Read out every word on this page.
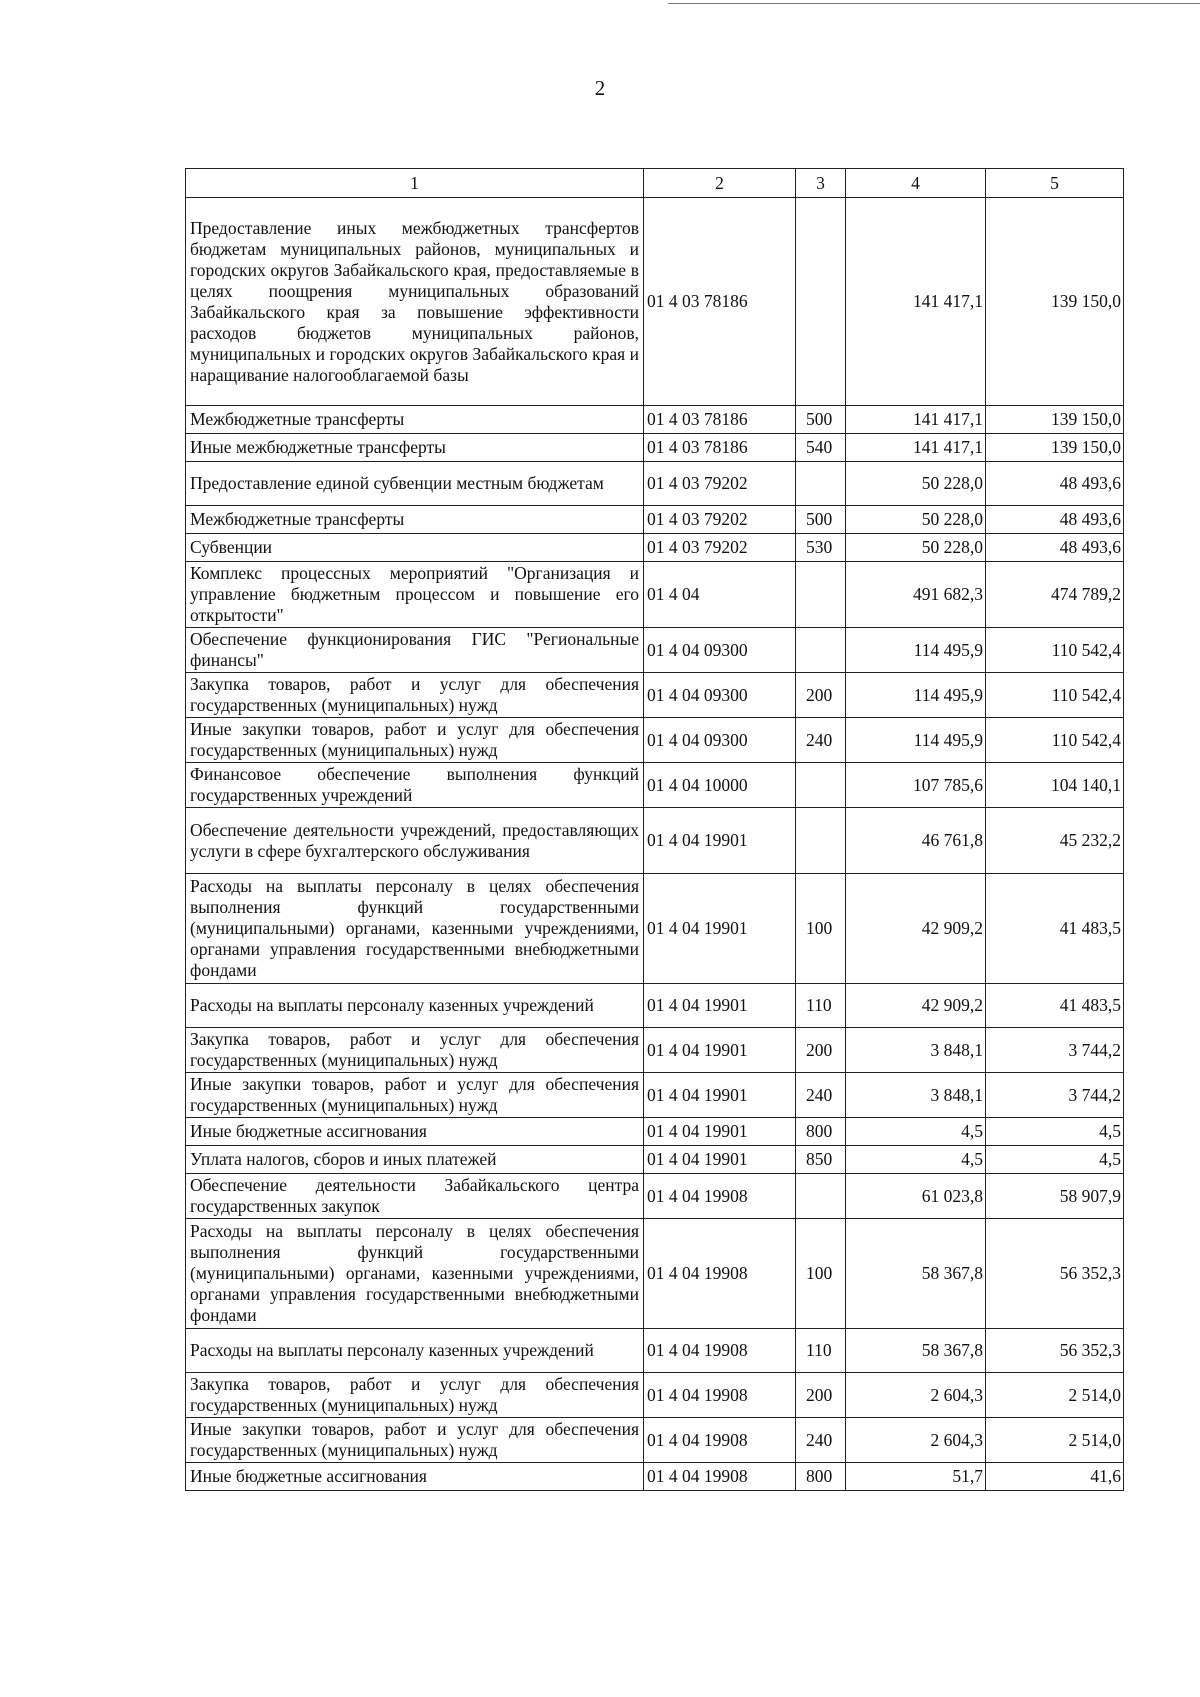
2
1	2	3	4	5
Предоставление иных межбюджетных трансфертов бюджетам муниципальных районов, муниципальных и городских округов Забайкальского края, предоставляемые в целях поощрения муниципальных образований Забайкальского края за повышение эффективности расходов бюджетов муниципальных районов, муниципальных и городских округов Забайкальского края и наращивание налогооблагаемой базы	01 4 03 78186		141 417,1	139 150,0
Межбюджетные трансферты	01 4 03 78186	500	141 417,1	139 150,0
Иные межбюджетные трансферты	01 4 03 78186	540	141 417,1	139 150,0
Предоставление единой субвенции местным бюджетам	01 4 03 79202		50 228,0	48 493,6
Межбюджетные трансферты	01 4 03 79202	500	50 228,0	48 493,6
Субвенции	01 4 03 79202	530	50 228,0	48 493,6
Комплекс процессных мероприятий "Организация и управление бюджетным процессом и повышение его открытости"	01 4 04		491 682,3	474 789,2
Обеспечение функционирования ГИС "Региональные финансы"	01 4 04 09300		114 495,9	110 542,4
Закупка товаров, работ и услуг для обеспечения государственных (муниципальных) нужд	01 4 04 09300	200	114 495,9	110 542,4
Иные закупки товаров, работ и услуг для обеспечения государственных (муниципальных) нужд	01 4 04 09300	240	114 495,9	110 542,4
Финансовое обеспечение выполнения функций государственных учреждений	01 4 04 10000		107 785,6	104 140,1
Обеспечение деятельности учреждений, предоставляющих услуги в сфере бухгалтерского обслуживания	01 4 04 19901		46 761,8	45 232,2
Расходы на выплаты персоналу в целях обеспечения выполнения функций государственными (муниципальными) органами, казенными учреждениями, органами управления государственными внебюджетными фондами	01 4 04 19901	100	42 909,2	41 483,5
Расходы на выплаты персоналу казенных учреждений	01 4 04 19901	110	42 909,2	41 483,5
Закупка товаров, работ и услуг для обеспечения государственных (муниципальных) нужд	01 4 04 19901	200	3 848,1	3 744,2
Иные закупки товаров, работ и услуг для обеспечения государственных (муниципальных) нужд	01 4 04 19901	240	3 848,1	3 744,2
Иные бюджетные ассигнования	01 4 04 19901	800	4,5	4,5
Уплата налогов, сборов и иных платежей	01 4 04 19901	850	4,5	4,5
Обеспечение деятельности Забайкальского центра государственных закупок	01 4 04 19908		61 023,8	58 907,9
Расходы на выплаты персоналу в целях обеспечения выполнения функций государственными (муниципальными) органами, казенными учреждениями, органами управления государственными внебюджетными фондами	01 4 04 19908	100	58 367,8	56 352,3
Расходы на выплаты персоналу казенных учреждений	01 4 04 19908	110	58 367,8	56 352,3
Закупка товаров, работ и услуг для обеспечения государственных (муниципальных) нужд	01 4 04 19908	200	2 604,3	2 514,0
Иные закупки товаров, работ и услуг для обеспечения государственных (муниципальных) нужд	01 4 04 19908	240	2 604,3	2 514,0
Иные бюджетные ассигнования	01 4 04 19908	800	51,7	41,6
